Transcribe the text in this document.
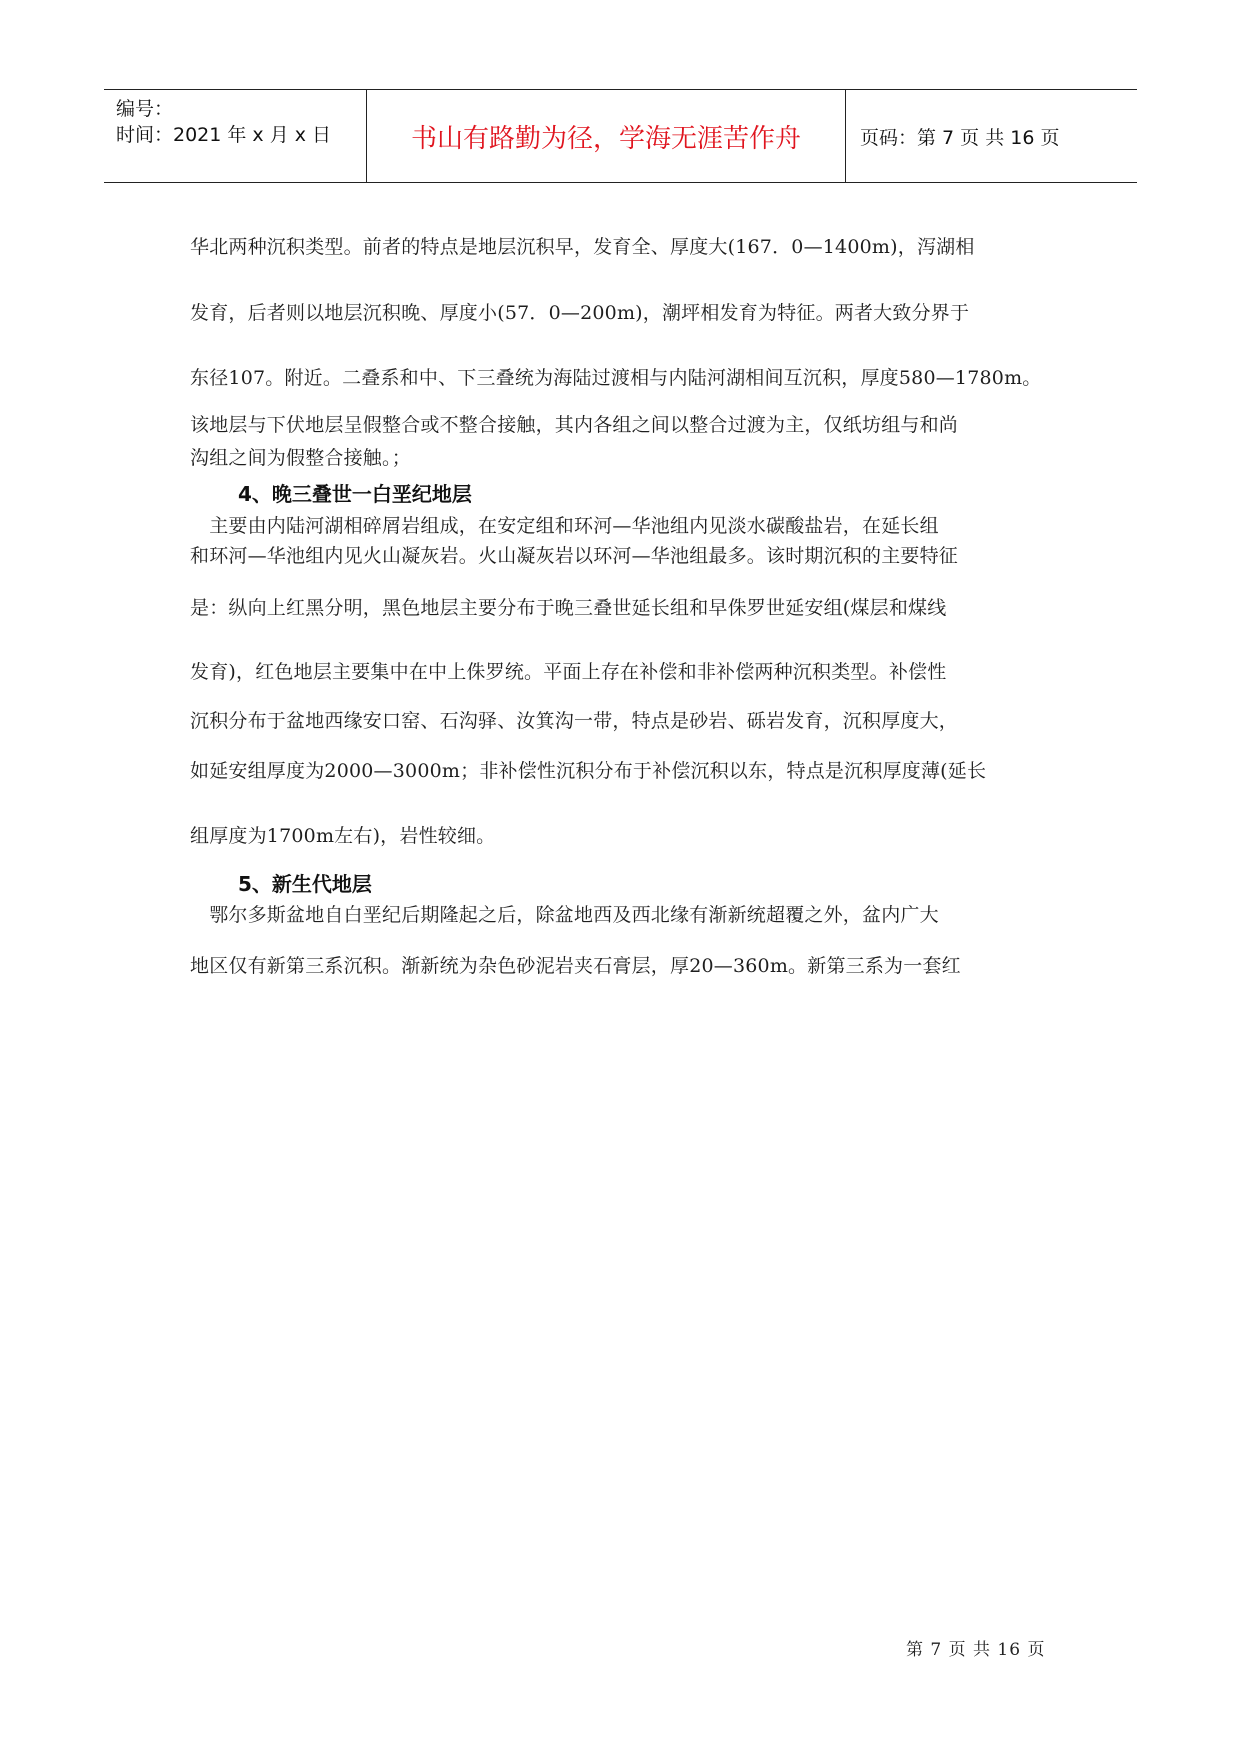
编号：
时间：2021 年 x 月 x 日	书山有路勤为径，学海无涯苦作舟	页码：第 7 页 共 16 页
华北两种沉积类型。前者的特点是地层沉积早，发育全、厚度大(167．0—1400m)，泻湖相
发育，后者则以地层沉积晚、厚度小(57．0—200m)，潮坪相发育为特征。两者大致分界于
东径107。附近。二叠系和中、下三叠统为海陆过渡相与内陆河湖相间互沉积，厚度580—1780m。
该地层与下伏地层呈假整合或不整合接触，其内各组之间以整合过渡为主，仅纸坊组与和尚
沟组之间为假整合接触。；
4、晚三叠世一白垩纪地层
　主要由内陆河湖相碎屑岩组成，在安定组和环河—华池组内见淡水碳酸盐岩，在延长组
和环河—华池组内见火山凝灰岩。火山凝灰岩以环河—华池组最多。该时期沉积的主要特征
是：纵向上红黑分明，黑色地层主要分布于晚三叠世延长组和早侏罗世延安组(煤层和煤线
发育)，红色地层主要集中在中上侏罗统。平面上存在补偿和非补偿两种沉积类型。补偿性
沉积分布于盆地西缘安口窑、石沟驿、汝箕沟一带，特点是砂岩、砾岩发育，沉积厚度大，
如延安组厚度为2000—3000m；非补偿性沉积分布于补偿沉积以东，特点是沉积厚度薄(延长
组厚度为1700m左右)，岩性较细。
5、新生代地层
　鄂尔多斯盆地自白垩纪后期隆起之后，除盆地西及西北缘有渐新统超覆之外，盆内广大
地区仅有新第三系沉积。渐新统为杂色砂泥岩夹石膏层，厚20—360m。新第三系为一套红
第 7 页 共 16 页
